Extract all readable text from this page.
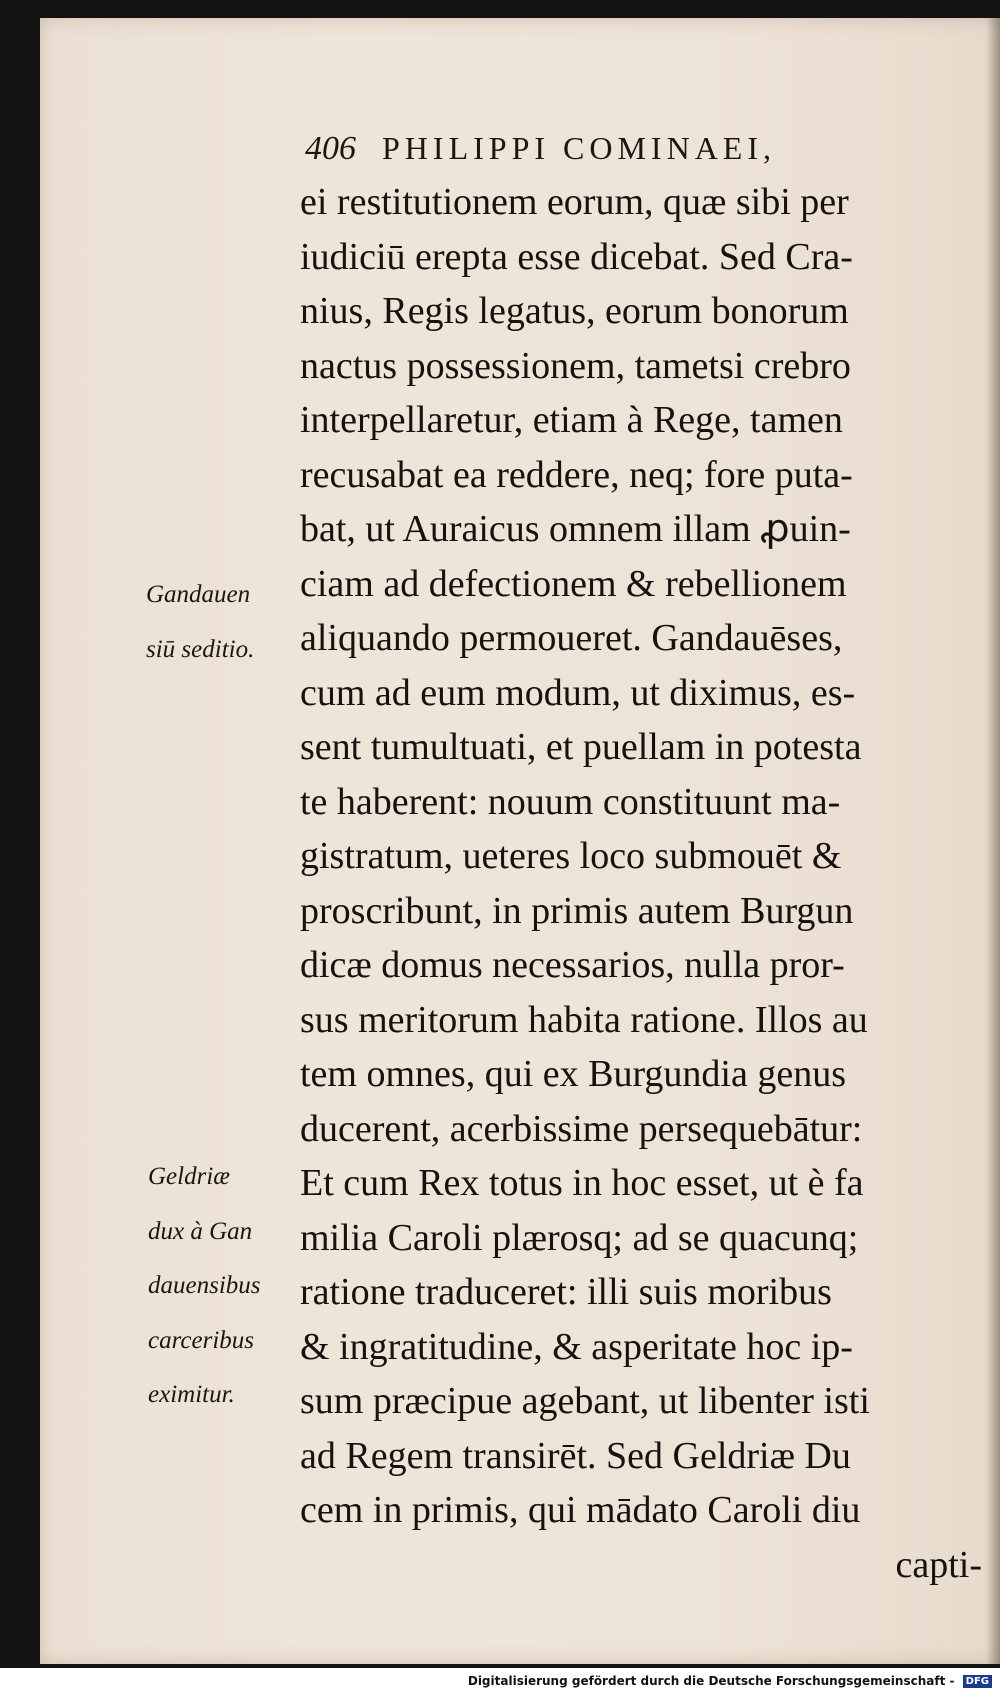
406 PHILIPPI COMINAEI,
ei restitutionem eorum, quæ sibi per
iudiciū erepta esse dicebat. Sed Cra-
nius, Regis legatus, eorum bonorum
nactus possessionem, tametsi crebro
interpellaretur, etiam à Rege, tamen
recusabat ea reddere, neq; fore puta-
bat, ut Auraicus omnem illam ꝓuin-
ciam ad defectionem & rebellionem
aliquando permoueret. Gandauēses,
cum ad eum modum, ut diximus, es-
sent tumultuati, et puellam in potesta
te haberent: nouum constituunt ma-
gistratum, ueteres loco submouēt &
proscribunt, in primis autem Burgun
dicæ domus necessarios, nulla pror-
sus meritorum habita ratione. Illos au
tem omnes, qui ex Burgundia genus
ducerent, acerbissime persequebātur:
Et cum Rex totus in hoc esset, ut è fa
milia Caroli plærosq; ad se quacunq;
ratione traduceret: illi suis moribus
& ingratitudine, & asperitate hoc ip-
sum præcipue agebant, ut libenter isti
ad Regem transirēt. Sed Geldriæ Du
cem in primis, qui mādato Caroli diu
capti-
Gandauen
siū seditio.
Geldriæ
dux à Gan
dauensibus
carceribus
eximitur.
Digitalisierung gefördert durch die Deutsche Forschungsgemeinschaft - DFG
